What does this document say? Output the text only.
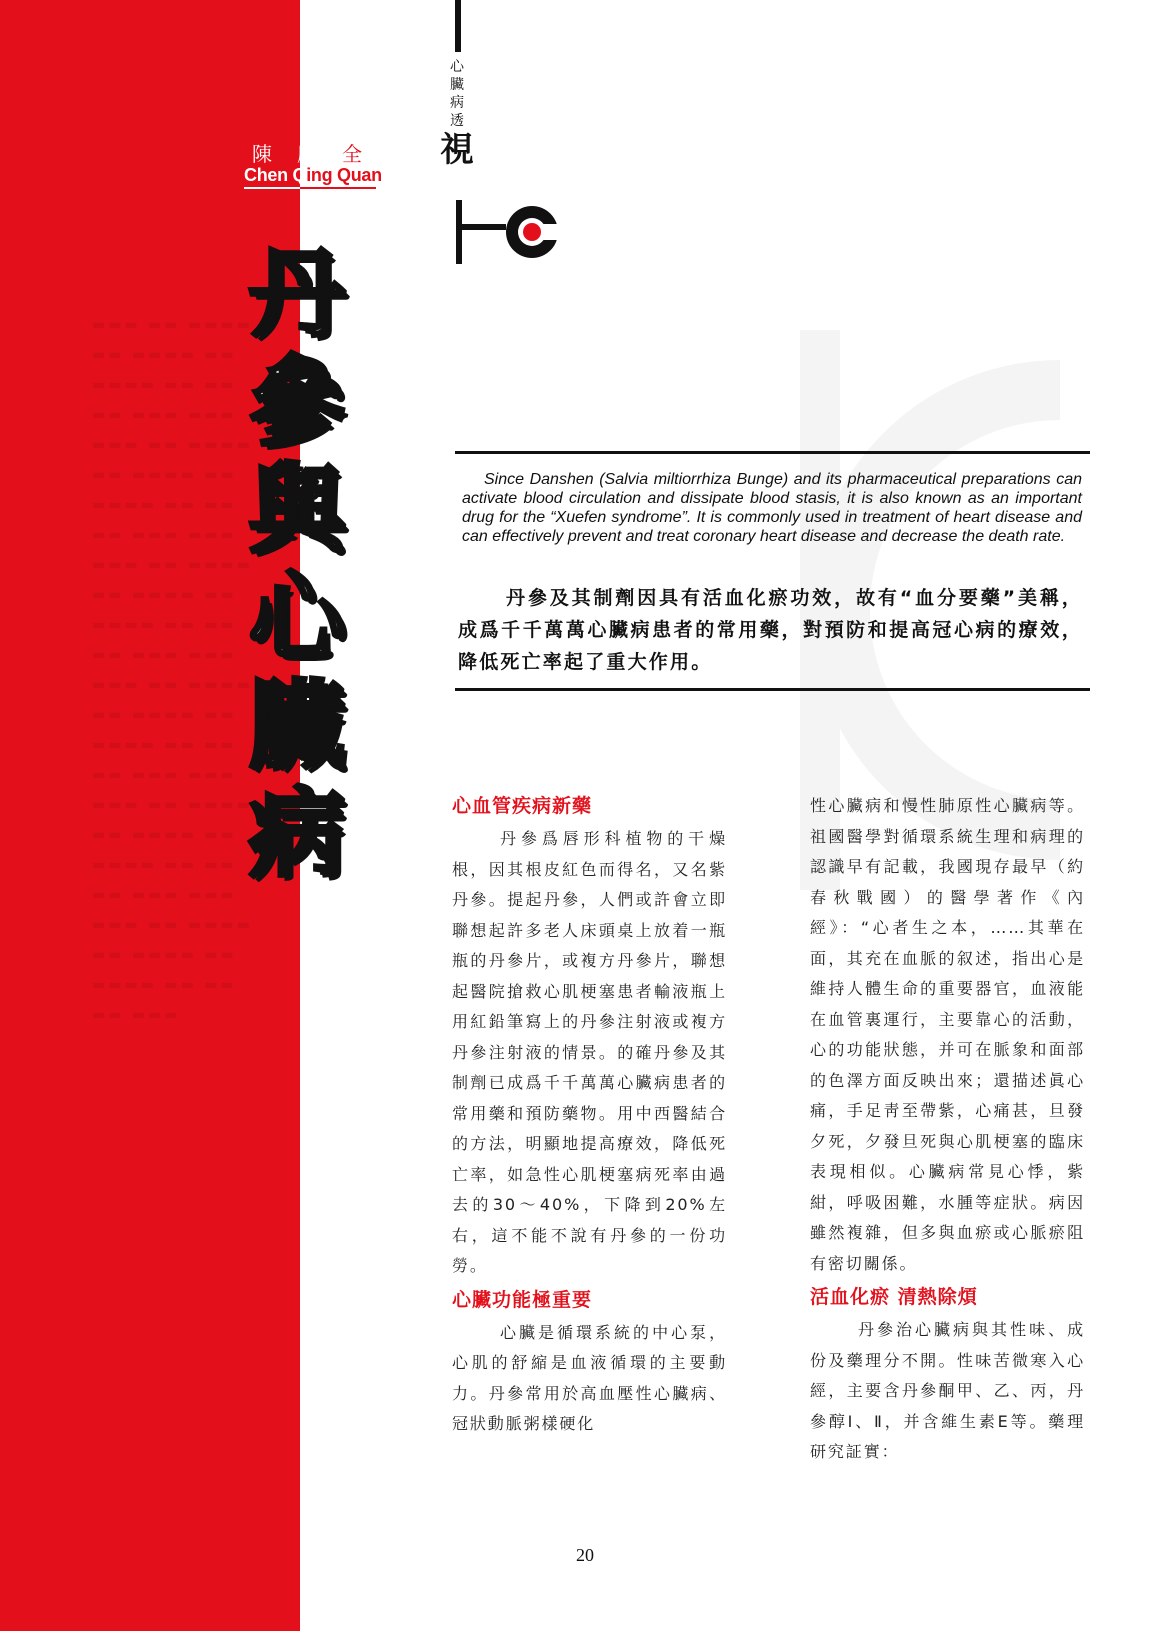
▬▬▬ ▬▬ ▬▬▬▬
▬▬ ▬▬▬▬ ▬▬
▬▬▬▬ ▬▬ ▬▬
▬▬ ▬▬▬ ▬▬▬
▬▬▬ ▬▬ ▬▬▬▬
▬▬ ▬▬▬▬ ▬▬
▬▬▬▬ ▬▬ ▬▬
▬▬ ▬▬▬ ▬▬▬
▬▬▬ ▬▬ ▬▬▬▬
▬▬ ▬▬▬▬ ▬▬
▬▬▬▬ ▬▬ ▬▬
▬▬ ▬▬▬ ▬▬▬
▬▬▬ ▬▬ ▬▬▬▬
▬▬ ▬▬▬▬ ▬▬
▬▬▬▬ ▬▬ ▬▬
▬▬ ▬▬▬ ▬▬▬
▬▬▬ ▬▬ ▬▬▬▬
▬▬ ▬▬▬▬ ▬▬
▬▬▬▬ ▬▬ ▬▬
▬▬ ▬▬▬ ▬▬▬
▬▬▬ ▬▬ ▬▬▬▬
▬▬ ▬▬▬▬ ▬▬
▬▬▬▬ ▬▬ ▬▬
▬▬ ▬▬▬
陳 慶 全
Chen Qing Quan
丹
參
與
心
臟
病
心
臟
病
透
視
Since Danshen (Salvia miltiorrhiza Bunge) and its pharmaceutical preparations can activate blood circulation and dissipate blood stasis, it is also known as an important drug for the “Xuefen syndrome”. It is commonly used in treatment of heart disease and can effectively prevent and treat coronary heart disease and decrease the death rate.
丹參及其制劑因具有活血化瘀功效，故有“血分要藥”美稱，成爲千千萬萬心臟病患者的常用藥，對預防和提高冠心病的療效，降低死亡率起了重大作用。
心血管疾病新藥

丹參爲唇形科植物的干燥根，因其根皮紅色而得名，又名紫丹參。提起丹參，人們或許會立即聯想起許多老人床頭桌上放着一瓶瓶的丹參片，或複方丹參片，聯想起醫院搶救心肌梗塞患者輸液瓶上用紅鉛筆寫上的丹參注射液或複方丹參注射液的情景。的確丹參及其制劑已成爲千千萬萬心臟病患者的常用藥和預防藥物。用中西醫結合的方法，明顯地提高療效，降低死亡率，如急性心肌梗塞病死率由過去的30～40%，下降到20%左右，這不能不說有丹參的一份功勞。

心臟功能極重要

心臟是循環系統的中心泵，心肌的舒縮是血液循環的主要動力。丹參常用於高血壓性心臟病、冠狀動脈粥樣硬化

性心臟病和慢性肺原性心臟病等。祖國醫學對循環系統生理和病理的認識早有記載，我國現存最早（約春秋戰國）的醫學著作《內經》：“心者生之本，……其華在面，其充在血脈的叙述，指出心是維持人體生命的重要器官，血液能在血管裏運行，主要靠心的活動，心的功能狀態，并可在脈象和面部的色澤方面反映出來；還描述眞心痛，手足靑至帶紫，心痛甚，旦發夕死，夕發旦死與心肌梗塞的臨床表現相似。心臟病常見心悸，紫紺，呼吸困難，水腫等症狀。病因雖然複雜，但多與血瘀或心脈瘀阻有密切關係。

活血化瘀 清熱除煩

丹參治心臟病與其性味、成份及藥理分不開。性味苦微寒入心經，主要含丹參酮甲、乙、丙，丹參醇Ⅰ、Ⅱ，并含維生素E等。藥理研究証實：

20
